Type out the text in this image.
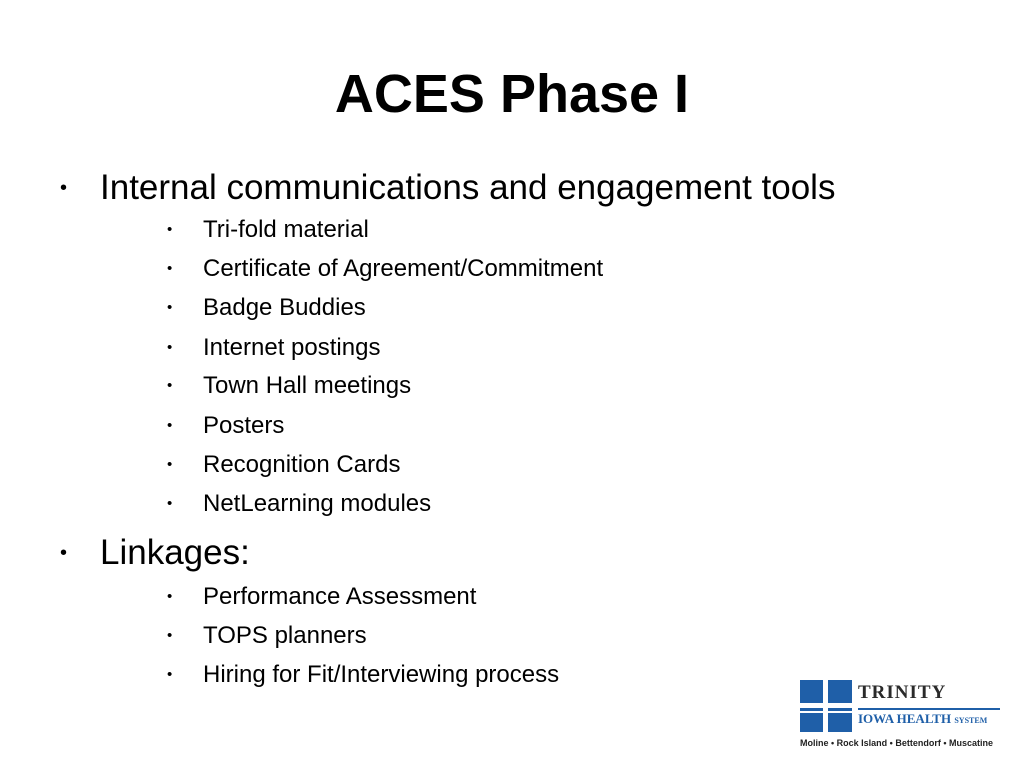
ACES Phase I
• Internal communications and engagement tools
• Tri-fold material
• Certificate of Agreement/Commitment
• Badge Buddies
• Internet postings
• Town Hall meetings
• Posters
• Recognition Cards
• NetLearning modules
• Linkages:
• Performance Assessment
• TOPS planners
• Hiring for Fit/Interviewing process
TRINITY
IOWA HEALTH SYSTEM
Moline • Rock Island • Bettendorf • Muscatine
